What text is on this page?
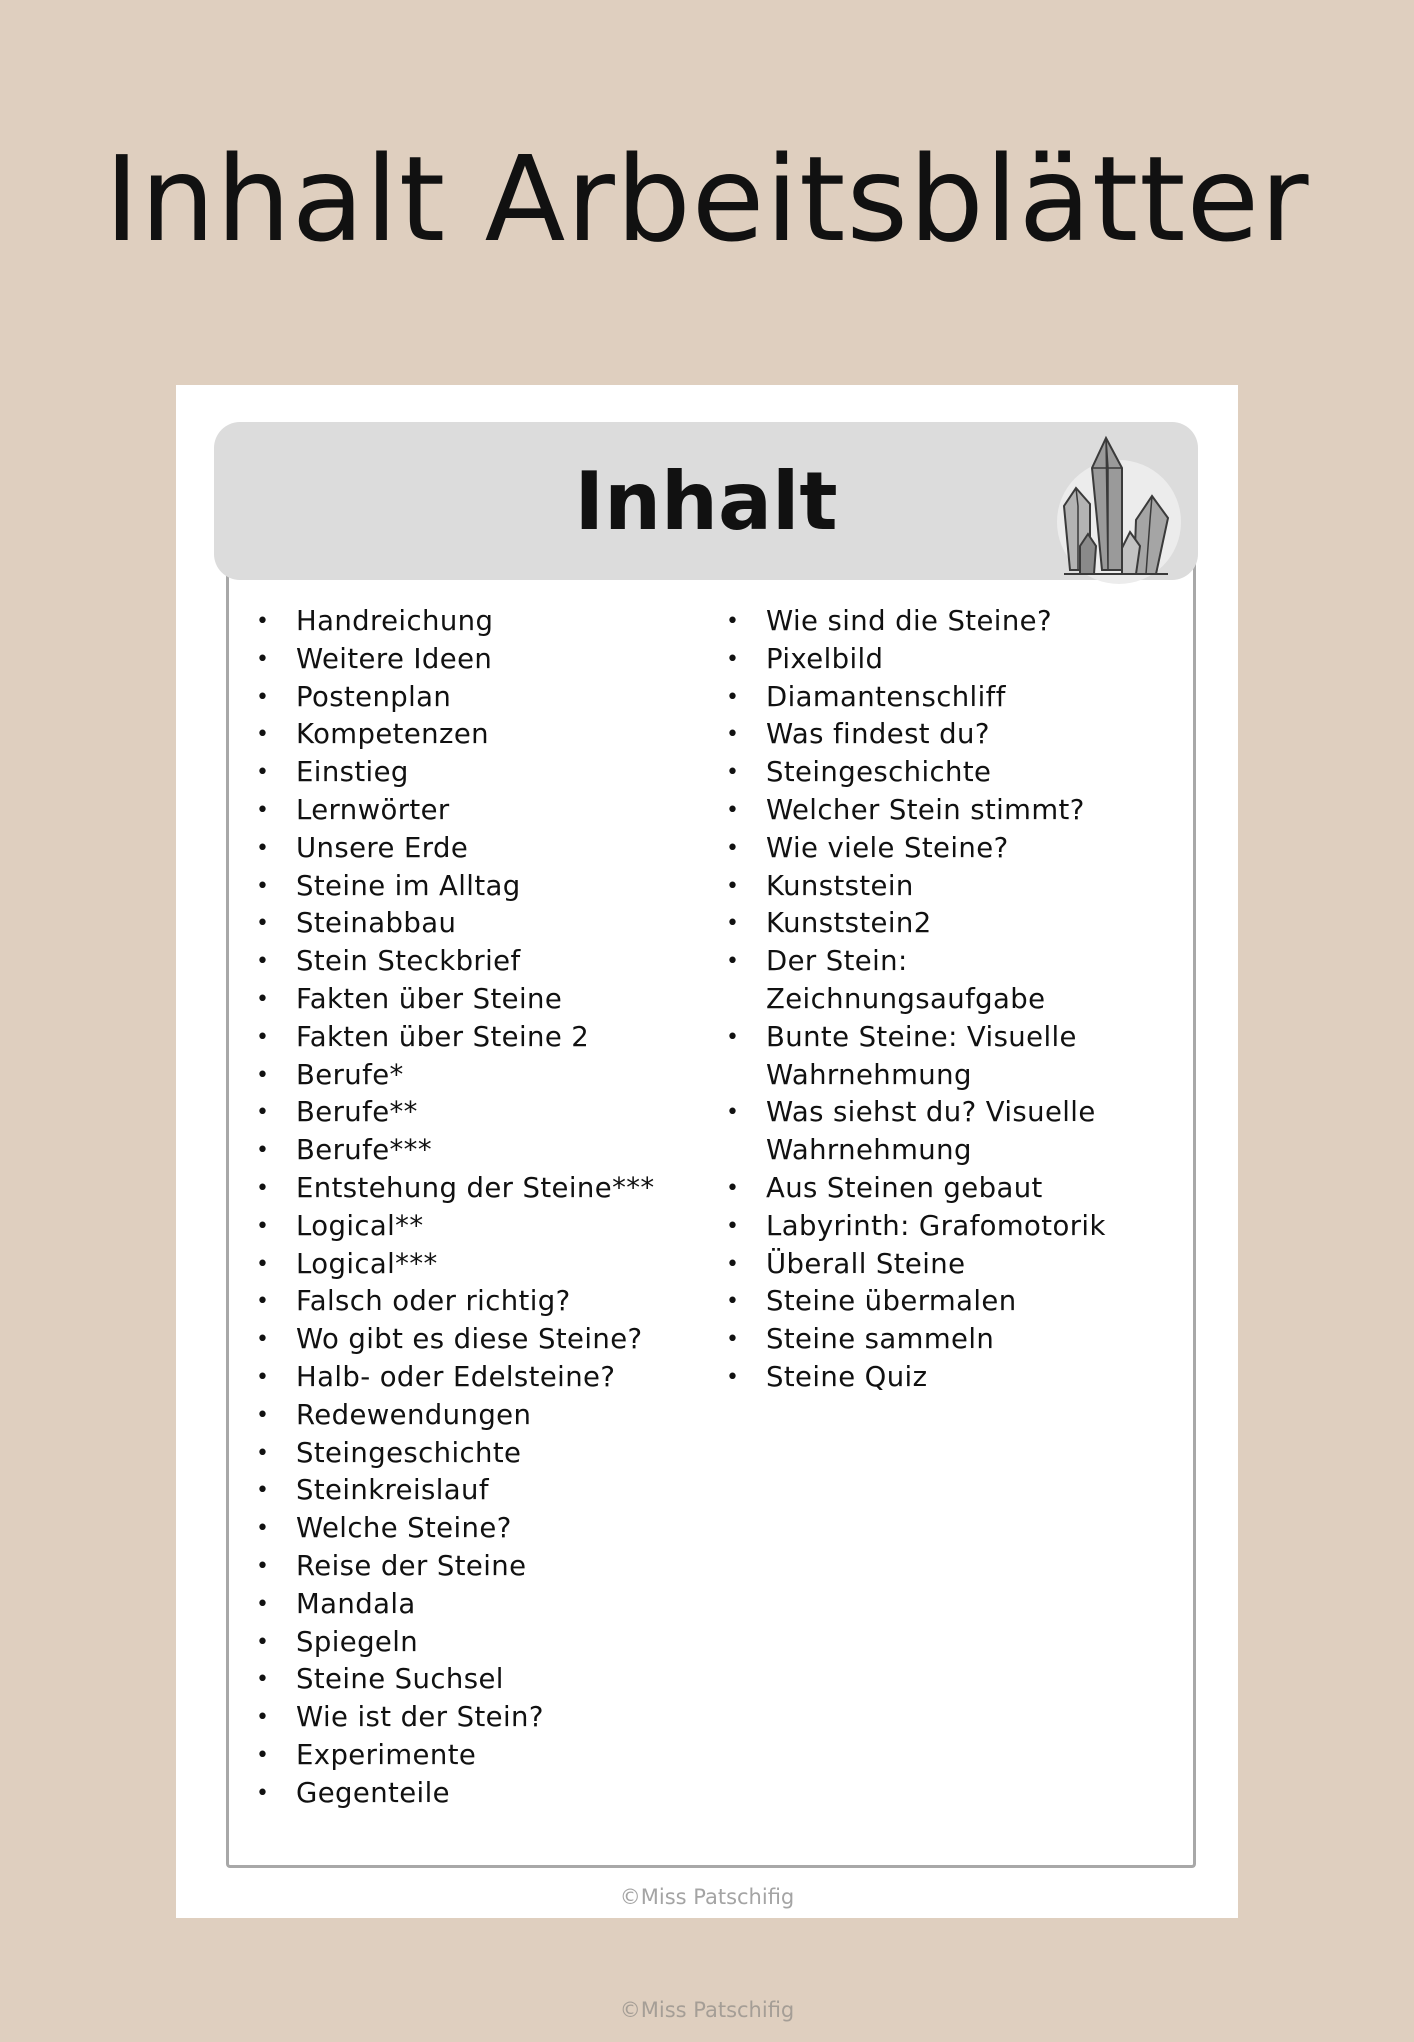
Inhalt Arbeitsblätter
Inhalt
• Handreichung
• Weitere Ideen
• Postenplan
• Kompetenzen
• Einstieg
• Lernwörter
• Unsere Erde
• Steine im Alltag
• Steinabbau
• Stein Steckbrief
• Fakten über Steine
• Fakten über Steine 2
• Berufe*
• Berufe**
• Berufe***
• Entstehung der Steine***
• Logical**
• Logical***
• Falsch oder richtig?
• Wo gibt es diese Steine?
• Halb- oder Edelsteine?
• Redewendungen
• Steingeschichte
• Steinkreislauf
• Welche Steine?
• Reise der Steine
• Mandala
• Spiegeln
• Steine Suchsel
• Wie ist der Stein?
• Experimente
• Gegenteile
• Wie sind die Steine?
• Pixelbild
• Diamantenschliff
• Was findest du?
• Steingeschichte
• Welcher Stein stimmt?
• Wie viele Steine?
• Kunststein
• Kunststein2
• Der Stein: Zeichnungsaufgabe
• Bunte Steine: Visuelle Wahrnehmung
• Was siehst du? Visuelle Wahrnehmung
• Aus Steinen gebaut
• Labyrinth: Grafomotorik
• Überall Steine
• Steine übermalen
• Steine sammeln
• Steine Quiz
©Miss Patschifig
©Miss Patschifig
